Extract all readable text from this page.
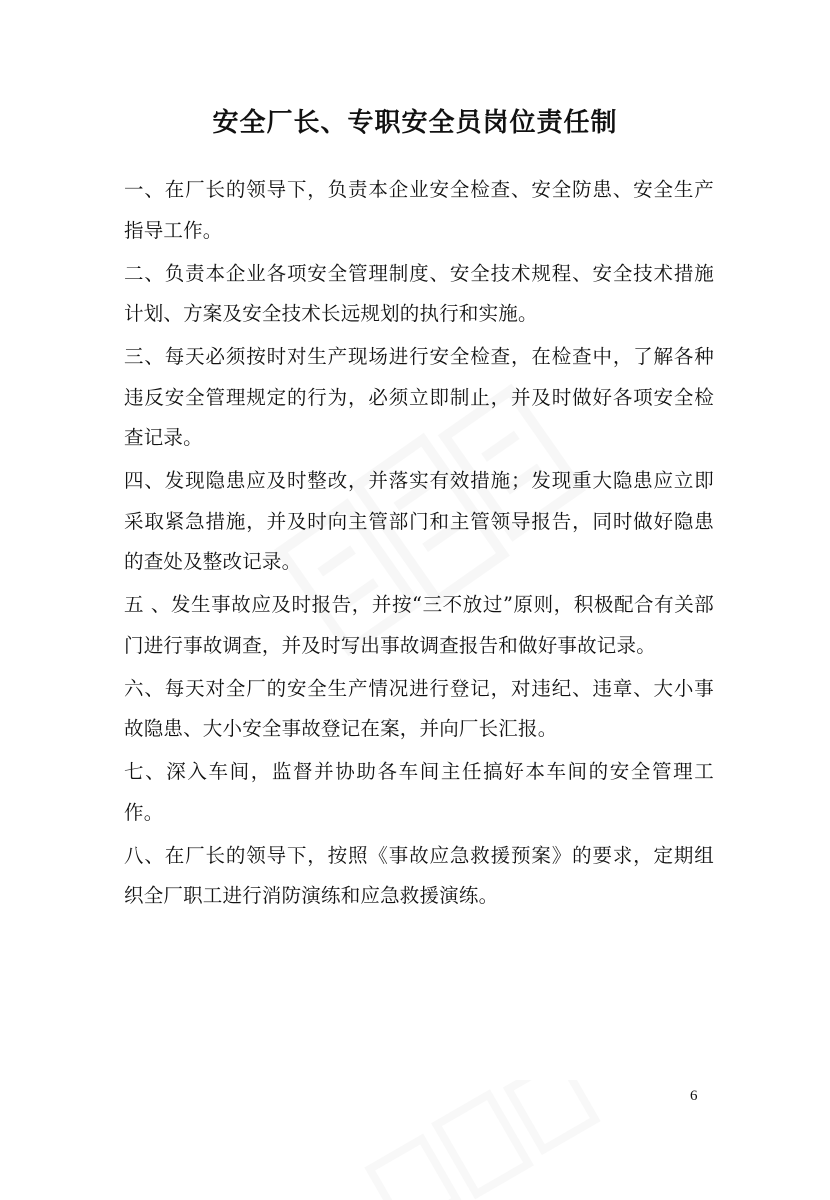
安全厂长、专职安全员岗位责任制

一、在厂长的领导下，负责本企业安全检查、安全防患、安全生产指导工作。

二、负责本企业各项安全管理制度、安全技术规程、安全技术措施计划、方案及安全技术长远规划的执行和实施。

三、每天必须按时对生产现场进行安全检查，在检查中，了解各种违反安全管理规定的行为，必须立即制止，并及时做好各项安全检查记录。

四、发现隐患应及时整改，并落实有效措施；发现重大隐患应立即采取紧急措施，并及时向主管部门和主管领导报告，同时做好隐患的查处及整改记录。

五 、发生事故应及时报告，并按“三不放过”原则，积极配合有关部门进行事故调查，并及时写出事故调查报告和做好事故记录。

六、每天对全厂的安全生产情况进行登记，对违纪、违章、大小事故隐患、大小安全事故登记在案，并向厂长汇报。

七、深入车间，监督并协助各车间主任搞好本车间的安全管理工作。

八、在厂长的领导下，按照《事故应急救援预案》的要求，定期组织全厂职工进行消防演练和应急救援演练。

6
